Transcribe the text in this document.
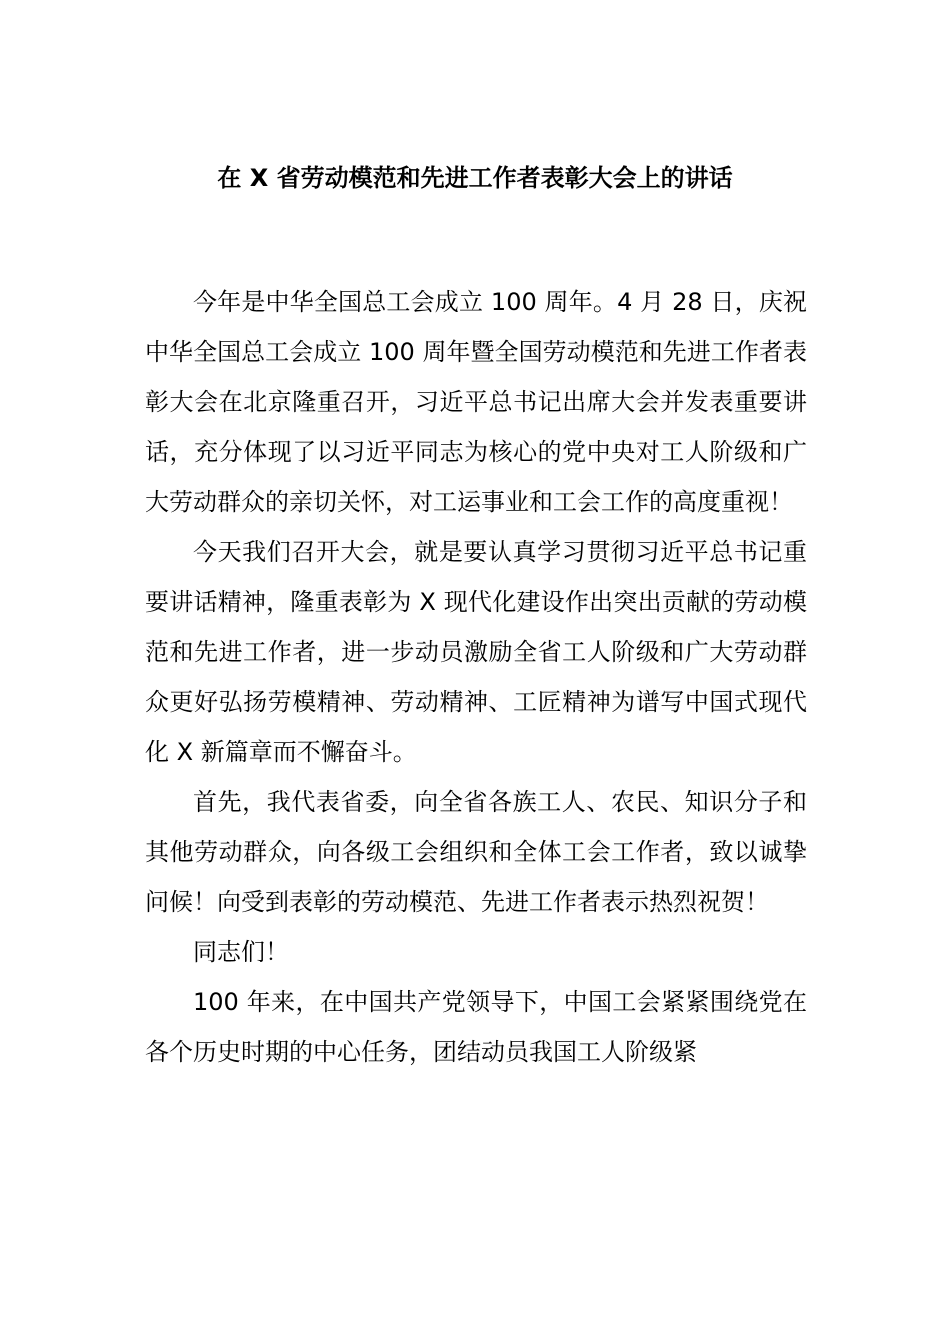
在 X 省劳动模范和先进工作者表彰大会上的讲话

今年是中华全国总工会成立 100 周年。4 月 28 日，庆祝中华全国总工会成立 100 周年暨全国劳动模范和先进工作者表彰大会在北京隆重召开，习近平总书记出席大会并发表重要讲话，充分体现了以习近平同志为核心的党中央对工人阶级和广大劳动群众的亲切关怀，对工运事业和工会工作的高度重视！

今天我们召开大会，就是要认真学习贯彻习近平总书记重要讲话精神，隆重表彰为 X 现代化建设作出突出贡献的劳动模范和先进工作者，进一步动员激励全省工人阶级和广大劳动群众更好弘扬劳模精神、劳动精神、工匠精神为谱写中国式现代化 X 新篇章而不懈奋斗。

首先，我代表省委，向全省各族工人、农民、知识分子和其他劳动群众，向各级工会组织和全体工会工作者，致以诚挚问候！向受到表彰的劳动模范、先进工作者表示热烈祝贺！

同志们！

100 年来，在中国共产党领导下，中国工会紧紧围绕党在各个历史时期的中心任务，团结动员我国工人阶级紧
